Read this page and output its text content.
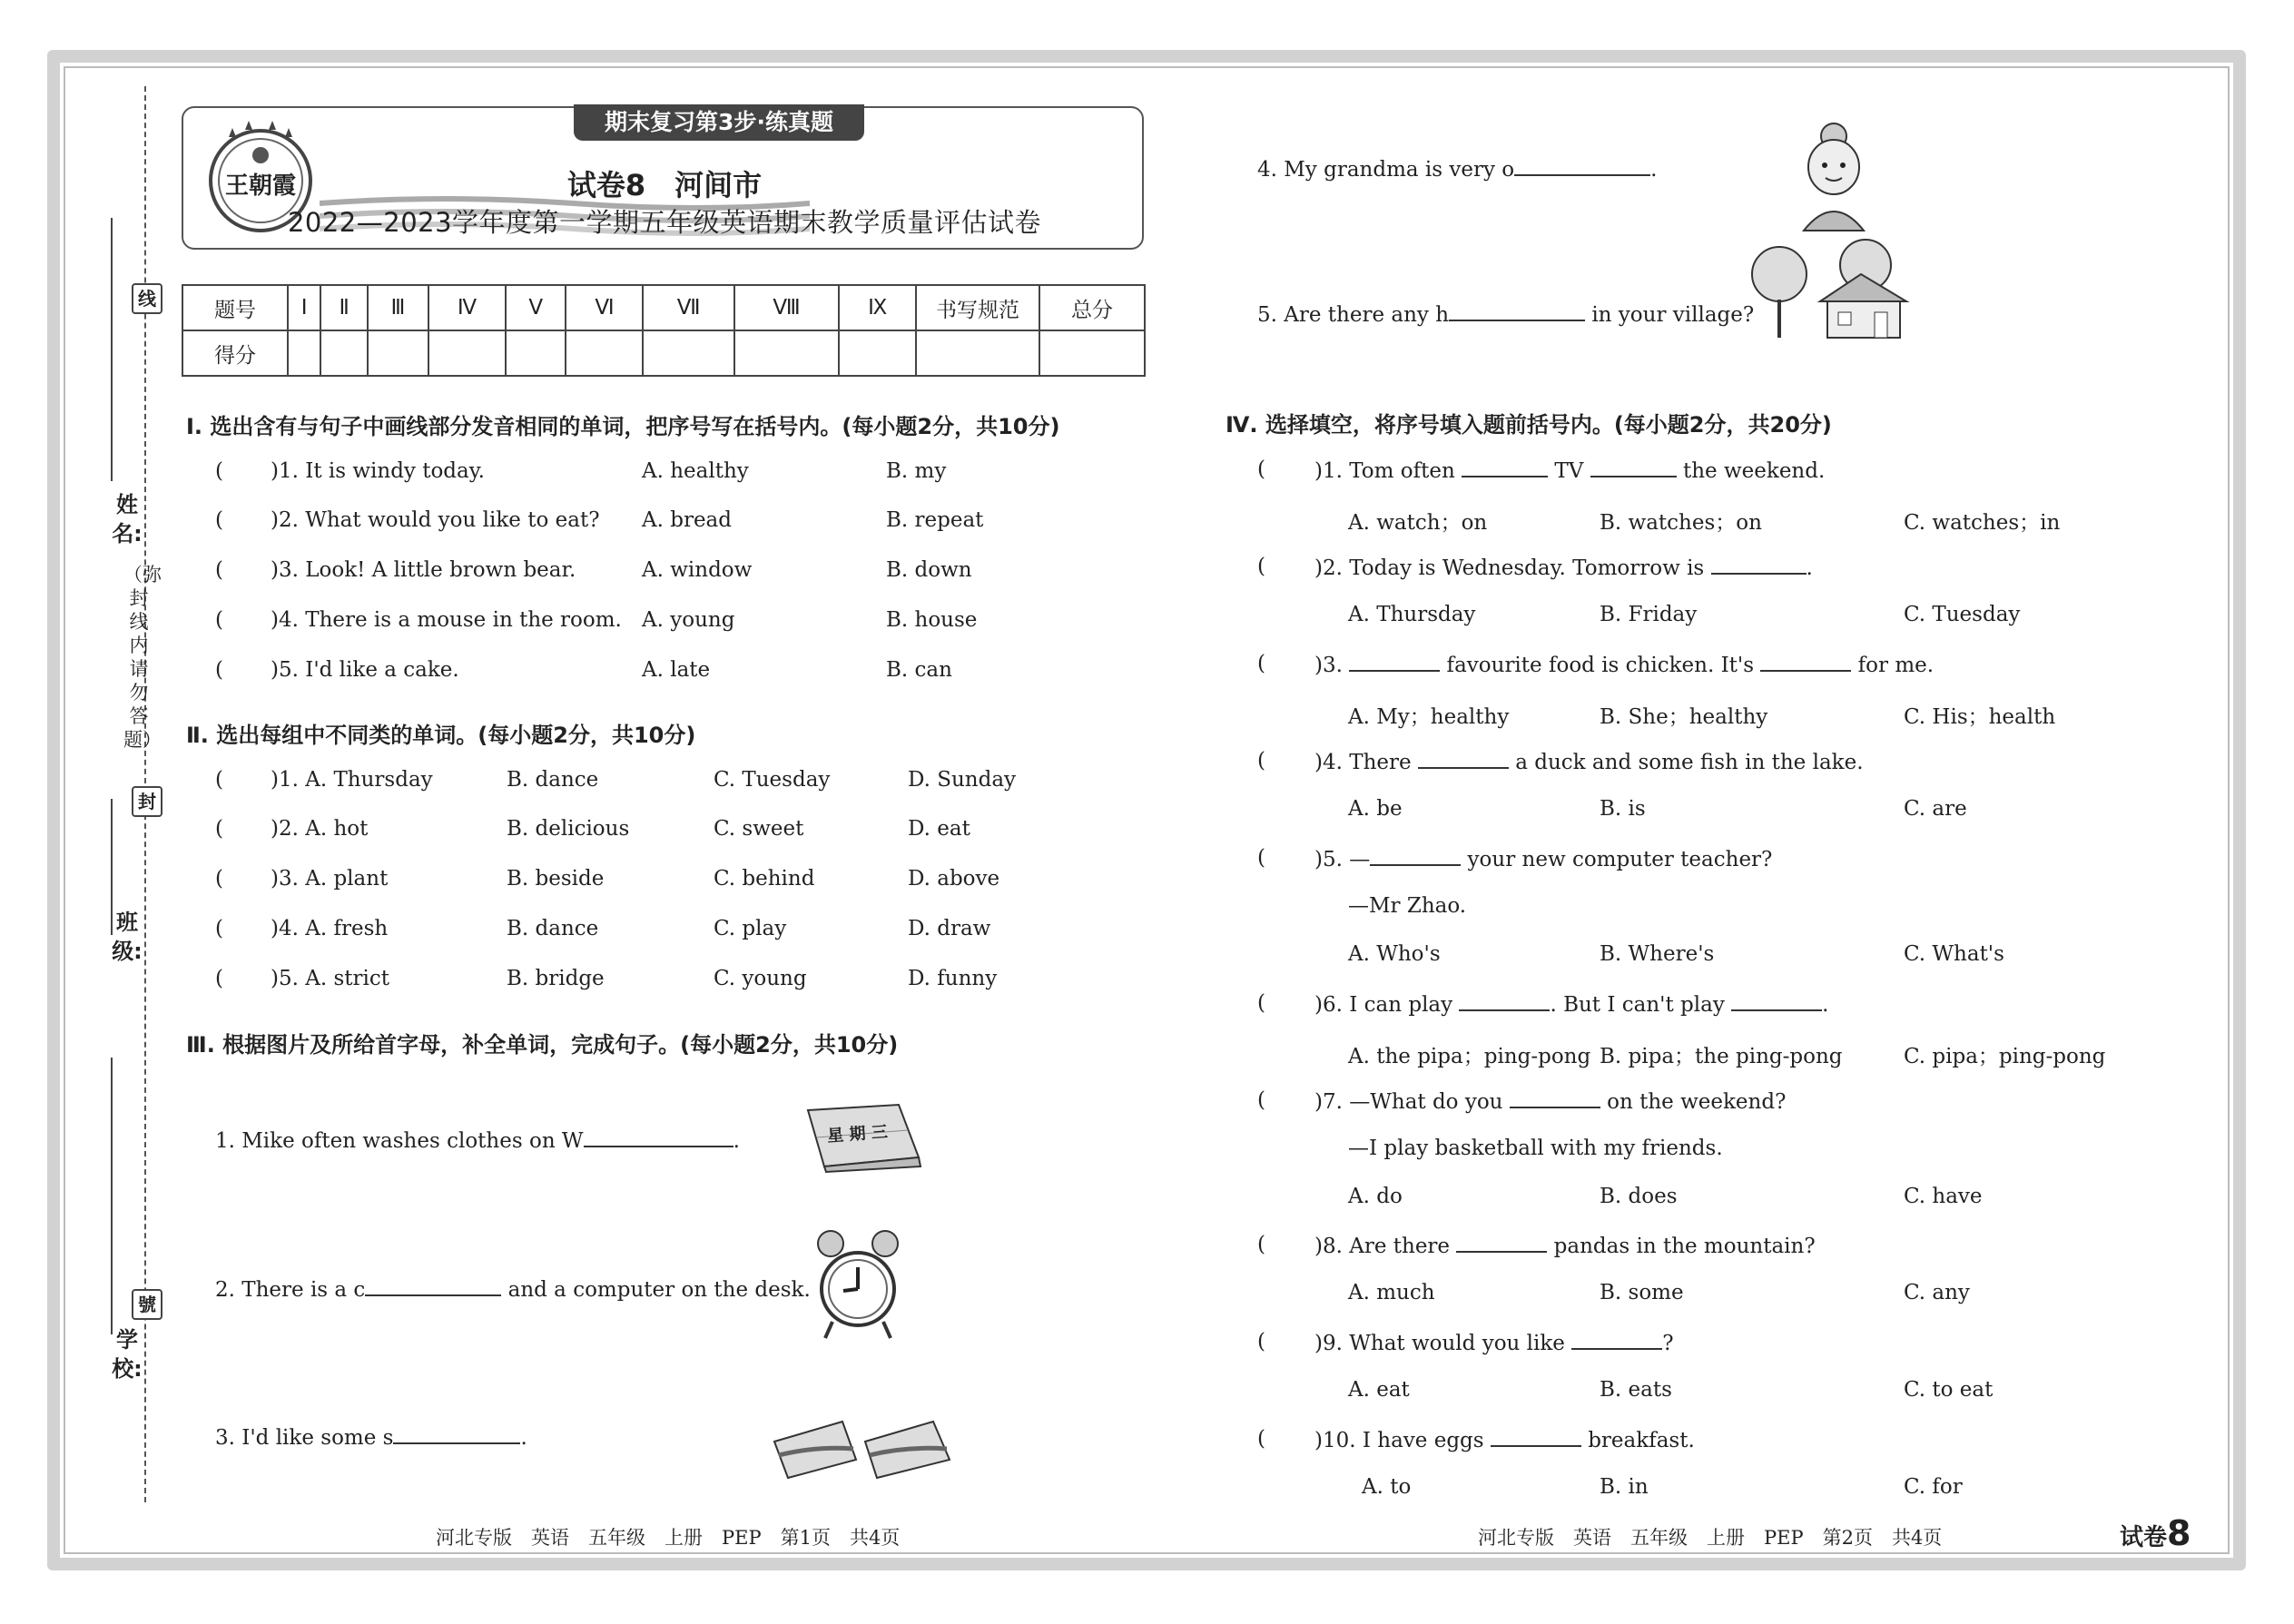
姓名:
班级:
学校:
线
封
號
（弥封线内请勿答题）
王朝霞
期末复习第3步·练真题
试卷8　河间市
2022—2023学年度第一学期五年级英语期末教学质量评估试卷
题号	Ⅰ	Ⅱ	Ⅲ	Ⅳ	Ⅴ	Ⅵ	Ⅶ	Ⅷ	Ⅸ	书写规范	总分
得分											
Ⅰ. 选出含有与句子中画线部分发音相同的单词，把序号写在括号内。(每小题2分，共10分)
( )1. It is windy today.	A. healthy	B. my
( )2. What would you like to eat? A. bread	B. repeat
( )3. Look! A little brown bear.	A. window	B. down
( )4. There is a mouse in the room. A. young	B. house
( )5. I'd like a cake.	A. late	B. can
Ⅱ. 选出每组中不同类的单词。(每小题2分，共10分)
( )1. A. Thursday	B. dance	C. Tuesday	D. Sunday
( )2. A. hot	B. delicious	C. sweet	D. eat
( )3. A. plant	B. beside	C. behind	D. above
( )4. A. fresh	B. dance	C. play	D. draw
( )5. A. strict	B. bridge	C. young	D. funny
Ⅲ. 根据图片及所给首字母，补全单词，完成句子。(每小题2分，共10分)
1. Mike often washes clothes on W	.	星 期 三
2. There is a c	and a computer on the desk.
3. I'd like some s	.
4. My grandma is very o	.
5. Are there any h	in your village?
Ⅳ. 选择填空，将序号填入题前括号内。(每小题2分，共20分)
( )1. Tom often	TV	the weekend.
A. watch；on	B. watches；on	C. watches；in
( )2. Today is Wednesday. Tomorrow is	.
A. Thursday	B. Friday	C. Tuesday
( )3.	favourite food is chicken. It's	for me.
A. My；healthy	B. She；healthy	C. His；health
( )4. There	a duck and some fish in the lake.
A. be	B. is	C. are
( )5. —	your new computer teacher?
—Mr Zhao.
A. Who's	B. Where's	C. What's
( )6. I can play	. But I can't play	.
A. the pipa；ping-pong B. pipa；the ping-pong	C. pipa；ping-pong
( )7. —What do you	on the weekend?
—I play basketball with my friends.
A. do	B. does	C. have
( )8. Are there	pandas in the mountain?
A. much	B. some	C. any
( )9. What would you like	?
A. eat	B. eats	C. to eat
( )10. I have eggs	breakfast.
A. to	B. in	C. for
河北专版　英语　五年级　上册　PEP　第1页　共4页	河北专版　英语　五年级　上册　PEP　第2页　共4页	试卷8
